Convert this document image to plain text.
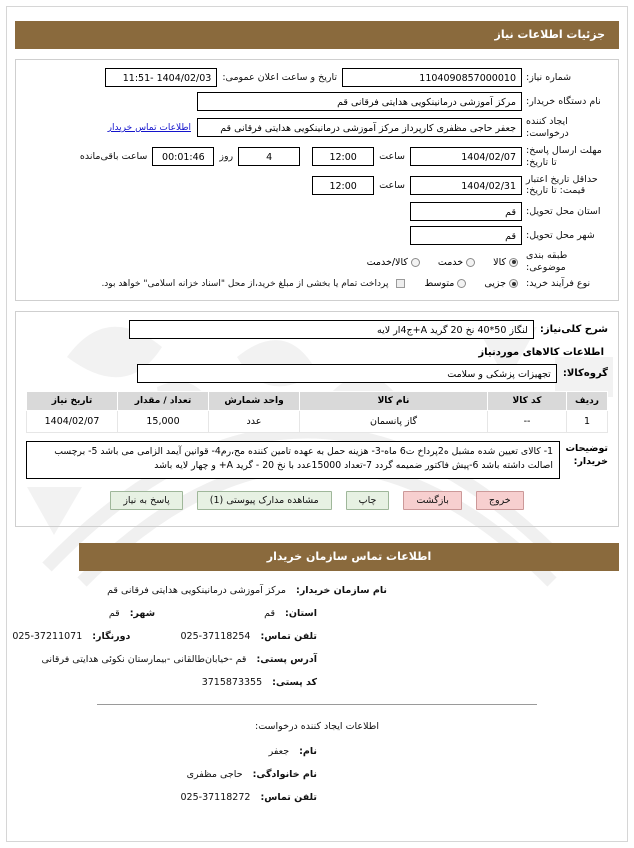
جزئیات اطلاعات نیاز
شماره نیاز:
1104090857000010
تاریخ و ساعت اعلان عمومی:
1404/02/03 -11:51
نام دستگاه خریدار:
مرکز آموزشی درمانینکویی هدایتی فرقانی قم
ایجاد کننده درخواست:
جعفر حاجی مظفری کارپرداز مرکز آموزشی درمانینکویی هدایتی فرقانی قم
اطلاعات تماس خریدار
مهلت ارسال پاسخ: تا تاریخ:
1404/02/07
ساعت
12:00
4
روز
00:01:46
ساعت باقی‌مانده
حداقل تاریخ اعتبار قیمت: تا تاریخ:
1404/02/31
ساعت
12:00
استان محل تحویل:
قم
شهر محل تحویل:
قم
طبقه بندی موضوعی:
کالا
خدمت
کالا/خدمت
نوع فرآیند خرید:
جزیی
متوسط
پرداخت تمام یا بخشی از مبلغ خرید،از محل "اسناد خزانه اسلامی" خواهد بود.
شرح کلی‌نیاز:
لنگاز 50*40 نخ 20 گرید A+ج4ار لایه
اطلاعات کالاهای موردنیاز
گروه‌کالا:
تجهیزات پزشکی و سلامت
ردیف	کد کالا	نام کالا	واحد شمارش	تعداد / مقدار	تاریخ نیاز
1	--	گاز پانسمان	عدد	15,000	1404/02/07
توضیحات
خریدار:
1- کالای تعیین شده مشبل ه2پرداخ ت6 ماه-3- هزینه حمل به عهده تامین کننده مح،رم4- قوانین آیمد الزامی می باشد 5- برچسب
اصالت داشته باشد 6-پیش فاکتور ضمیمه گردد 7-تعداد 15000عدد با نخ 20 - گرید A+ و چهار لایه باشد
خروج
بازگشت
چاپ
مشاهده مدارک پیوستی (1)
پاسخ به نیاز
اطلاعات تماس سازمان خریدار
نام سازمان خریدار:
مرکز آموزشی درمانینکویی هدایتی فرقانی قم
استان:
قم
شهر:
قم
تلفن تماس:
025-37118254
دورنگار:
025-37211071
آدرس پستی:
قم -خیابان‌طالقانی -بیمارستان نکوئی هدایتی فرقانی
کد پستی:
3715873355
اطلاعات ایجاد کننده درخواست:
نام:
جعفر
نام خانوادگی:
حاجی مظفری
تلفن تماس:
025-37118272
